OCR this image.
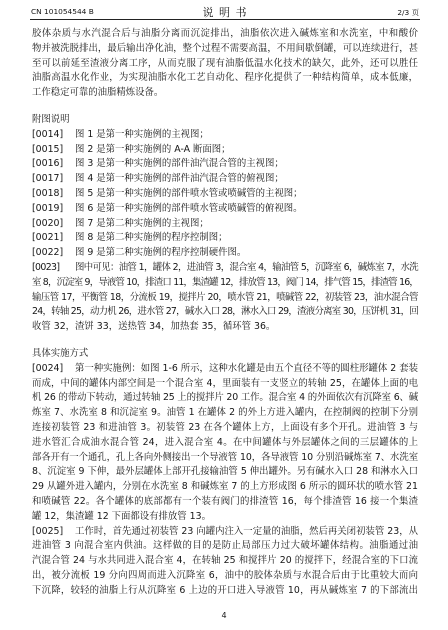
CN 101054544 B	说 明 书	2/3 页
胶体杂质与水汽混合后与油脂分离而沉淀排出，油脂依次进入碱炼室和水洗室，中和酸价
物并被洗脱排出，最后输出净化油，整个过程不需要高温，不用间歇倒罐，可以连续进行，甚
至可以前延至渣液分离工序，从而克服了现有油脂低温水化技术的缺欠，此外，还可以胜任
油脂高温水化作业，为实现油脂水化工艺自动化、程序化提供了一种结构简单，成本低廉，
工作稳定可靠的油脂精炼设备。
附图说明
[0014] 图 1 是第一种实施例的主视图；
[0015] 图 2 是第一种实施例的 A-A 断面图；
[0016] 图 3 是第一种实施例的部件油汽混合管的主视图；
[0017] 图 4 是第一种实施例的部件油汽混合管的俯视图；
[0018] 图 5 是第一种实施例的部件喷水管或喷碱管的主视图；
[0019] 图 6 是第一种实施例的部件喷水管或喷碱管的俯视图。
[0020] 图 7 是第二种实施例的主视图；
[0021] 图 8 是第二种实施例的程序控制图；
[0022] 图 9 是第二种实施例的程序控制硬件图。
[0023] 图中可见：油管 1，罐体 2，进油管 3，混合室 4，输油管 5，沉降室 6，碱炼室 7，水洗
室 8，沉淀室 9，导液管 10，排渣口 11，集渣罐 12，排放管 13，阀门 14，排气管 15，排渣管 16，
输压管 17，平衡管 18，分流板 19，搅拌片 20，喷水管 21，喷碱管 22，初装管 23，油水混合管
24，转轴 25，动力机 26，进水管 27，碱水入口 28，淋水入口 29，渣液分离室 30，压饼机 31，回
收管 32，渣饼 33，送热管 34，加热套 35，循环管 36。
具体实施方式
[0024] 第一种实施例：如图 1-6 所示，这种水化罐是由五个直径不等的圆柱形罐体 2 套装
而成，中间的罐体内部空间是一个混合室 4，里面装有一支竖立的转轴 25，在罐体上面的电
机 26 的带动下转动，通过转轴 25 上的搅拌片 20 工作。混合室 4 的外面依次有沉降室 6、碱
炼室 7、水洗室 8 和沉淀室 9。油管 1 在罐体 2 的外上方进入罐内，在控制阀的控制下分别
连接初装管 23 和进油管 3。初装管 23 在各个罐体上方，上面设有多个开孔。进油管 3 与
进水管汇合成油水混合管 24，进入混合室 4。在中间罐体与外层罐体之间的三层罐体的上
部各开有一个通孔，孔上各向外侧接出一个导液管 10，各导液管 10 分别沿碱炼室 7、水洗室
8、沉淀室 9 下伸，最外层罐体上部开孔接输油管 5 伸出罐外。另有碱水入口 28 和淋水入口
29 从罐外进入罐内，分别在水洗室 8 和碱炼室 7 的上方形成图 6 所示的圆环状的喷水管 21
和喷碱管 22。各个罐体的底部都有一个装有阀门的排渣管 16，每个排渣管 16 接一个集渣
罐 12，集渣罐 12 下面都设有排放管 13。
[0025] 工作时，首先通过初装管 23 向罐内注入一定量的油脂，然后再关闭初装管 23，从
进油管 3 向混合室内供油。这样做的目的是防止局部压力过大破坏罐体结构。油脂通过油
汽混合管 24 与水共同进入混合室 4，在转轴 25 和搅拌片 20 的搅拌下，经混合室的下口流
出，被分流板 19 分向四周而进入沉降室 6，油中的胶体杂质与水混合后由于比重较大而向
下沉降，较轻的油脂上行从沉降室 6 上边的开口进入导液管 10，再从碱炼室 7 的下部流出
4
